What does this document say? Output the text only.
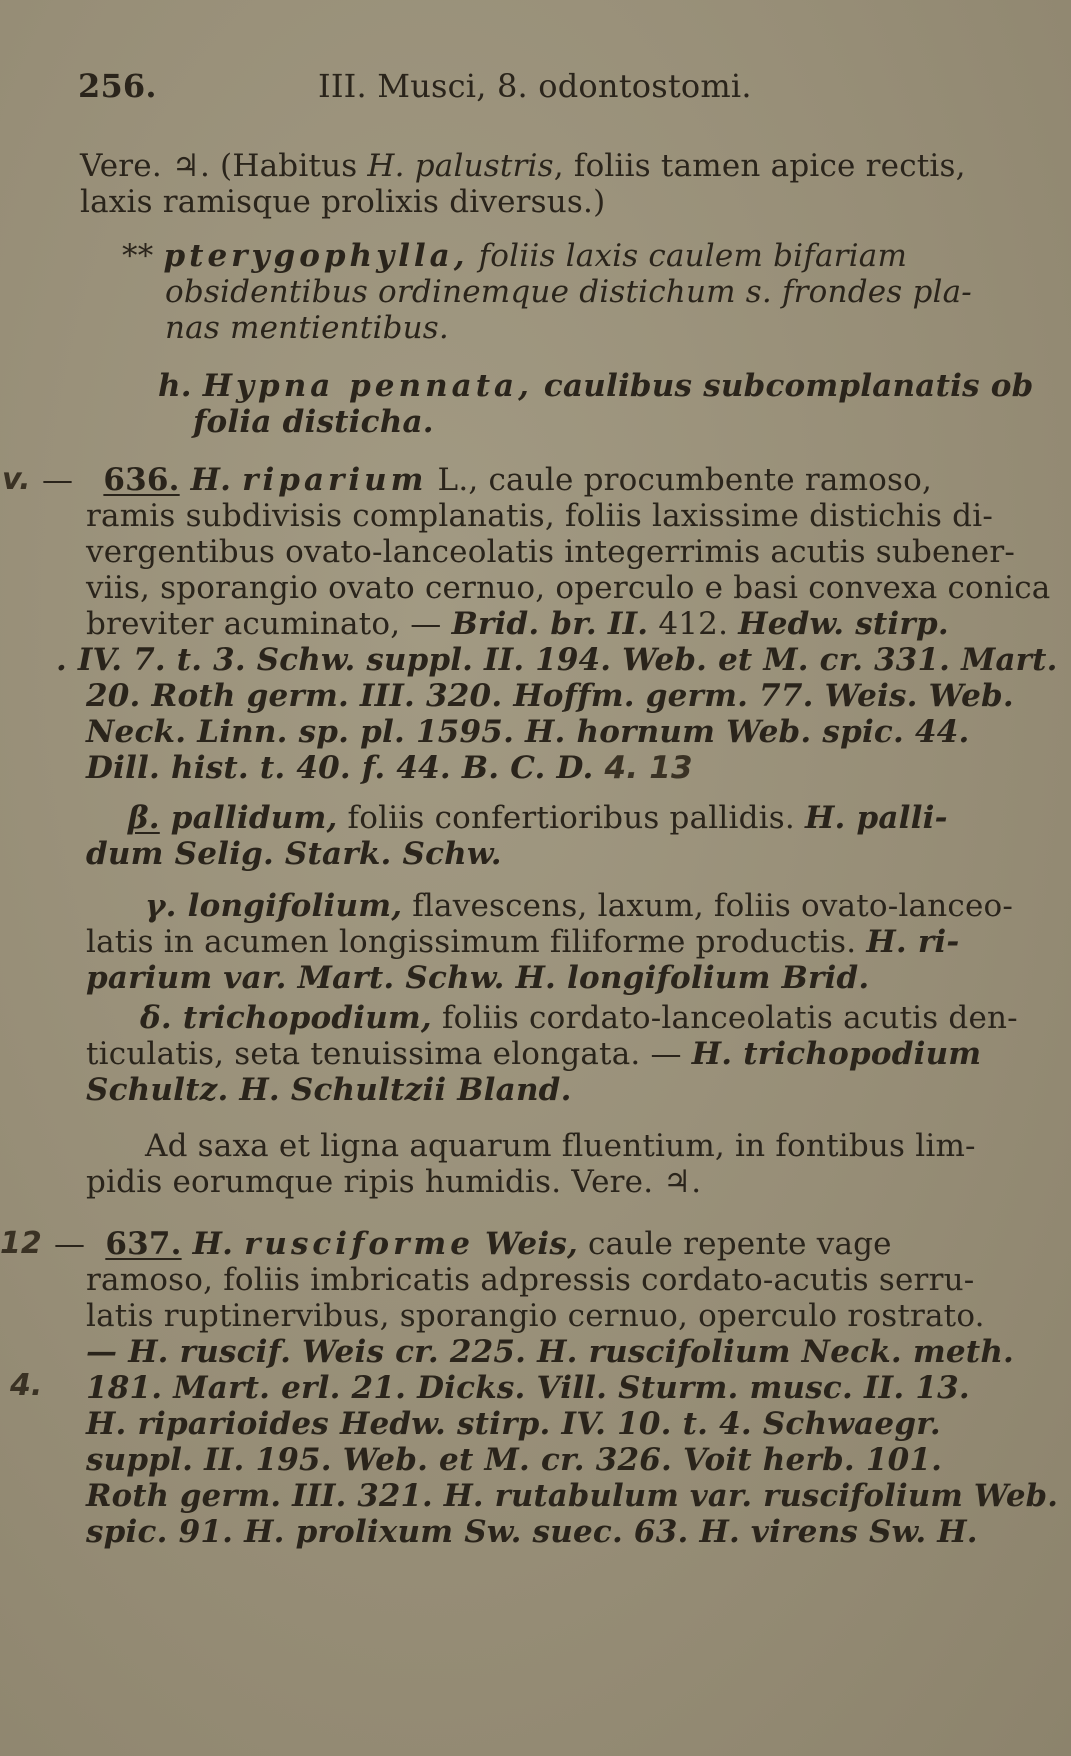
256.	III. Musci, 8. odontostomi.

Vere. ♃. (Habitus H. palustris, foliis tamen apice rectis,

laxis ramisque prolixis diversus.)

** pterygophylla, foliis laxis caulem bifariam

obsidentibus ordinemque distichum s. frondes pla-

nas mentientibus.

h. Hypna pennata, caulibus subcomplanatis ob

folia disticha.

v. — 636. H. riparium L., caule procumbente ramoso,

ramis subdivisis complanatis, foliis laxissime distichis di-

vergentibus ovato-lanceolatis integerrimis acutis subener-

viis, sporangio ovato cernuo, operculo e basi convexa conica

breviter acuminato, — Brid. br. II. 412. Hedw. stirp.

. IV. 7. t. 3. Schw. suppl. II. 194. Web. et M. cr. 331. Mart.

20. Roth germ. III. 320. Hoffm. germ. 77. Weis. Web.

Neck. Linn. sp. pl. 1595. H. hornum Web. spic. 44.

Dill. hist. t. 40. f. 44. B. C. D. 4. 13

β. pallidum, foliis confertioribus pallidis. H. palli-

dum Selig. Stark. Schw.

γ. longifolium, flavescens, laxum, foliis ovato-lanceo-

latis in acumen longissimum filiforme productis. H. ri-

parium var. Mart. Schw. H. longifolium Brid.

δ. trichopodium, foliis cordato-lanceolatis acutis den-

ticulatis, seta tenuissima elongata. — H. trichopodium

Schultz. H. Schultzii Bland.

Ad saxa et ligna aquarum fluentium, in fontibus lim-

pidis eorumque ripis humidis. Vere. ♃.

12 — 637. H. rusciforme Weis, caule repente vage

ramoso, foliis imbricatis adpressis cordato-acutis serru-

latis ruptinervibus, sporangio cernuo, operculo rostrato.

— H. ruscif. Weis cr. 225. H. ruscifolium Neck. meth.

4. 181. Mart. erl. 21. Dicks. Vill. Sturm. musc. II. 13.

H. riparioides Hedw. stirp. IV. 10. t. 4. Schwaegr.

suppl. II. 195. Web. et M. cr. 326. Voit herb. 101.

Roth germ. III. 321. H. rutabulum var. ruscifolium Web.

spic. 91. H. prolixum Sw. suec. 63. H. virens Sw. H.
